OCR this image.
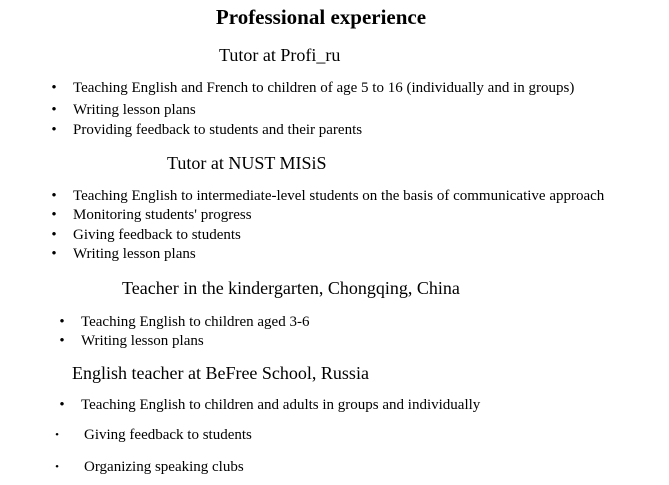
Professional experience
Tutor at Profi_ru
• Teaching English and French to children of age 5 to 16 (individually and in groups)
• Writing lesson plans
• Providing feedback to students and their parents
Tutor at NUST MISiS
• Teaching English to intermediate-level students on the basis of communicative approach
• Monitoring students' progress
• Giving feedback to students
• Writing lesson plans
Teacher in the kindergarten, Chongqing, China
• Teaching English to children aged 3-6
• Writing lesson plans
English teacher at BeFree School, Russia
• Teaching English to children and adults in groups and individually
• Giving feedback to students
• Organizing speaking clubs
